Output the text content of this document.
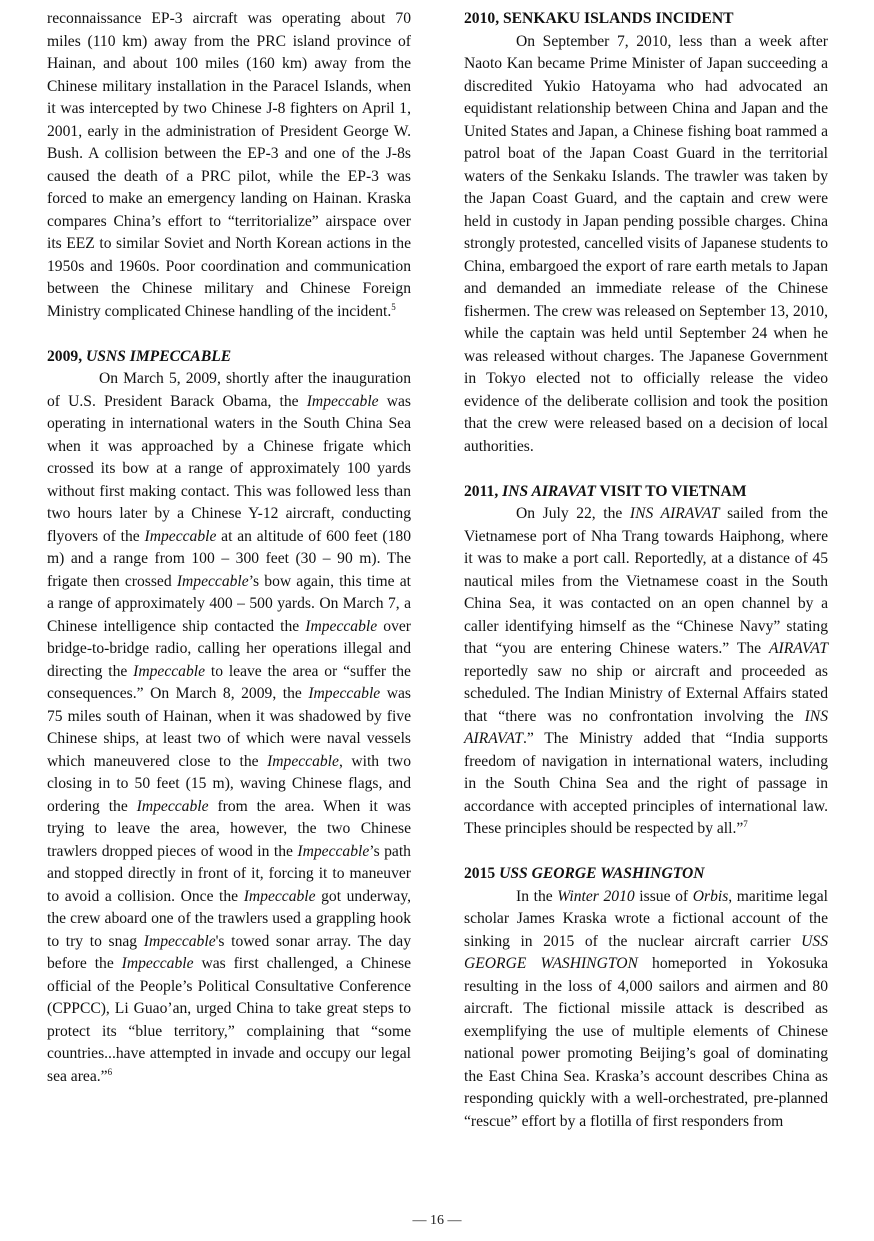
reconnaissance EP-3 aircraft was operating about 70 miles (110 km) away from the PRC island province of Hainan, and about 100 miles (160 km) away from the Chinese military installation in the Paracel Islands, when it was intercepted by two Chinese J-8 fighters on April 1, 2001, early in the administration of President George W. Bush. A collision between the EP-3 and one of the J-8s caused the death of a PRC pilot, while the EP-3 was forced to make an emergency landing on Hainan. Kraska compares China’s effort to “territorialize” airspace over its EEZ to similar Soviet and North Korean actions in the 1950s and 1960s. Poor coordination and communication between the Chinese military and Chinese Foreign Ministry complicated Chinese handling of the incident.$^5$

2009, USNS IMPECCABLE

On March 5, 2009, shortly after the inauguration of U.S. President Barack Obama, the Impeccable was operating in international waters in the South China Sea when it was approached by a Chinese frigate which crossed its bow at a range of approximately 100 yards without first making contact. This was followed less than two hours later by a Chinese Y-12 aircraft, conducting flyovers of the Impeccable at an altitude of 600 feet (180 m) and a range from 100 – 300 feet (30 – 90 m). The frigate then crossed Impeccable’s bow again, this time at a range of approximately 400 – 500 yards. On March 7, a Chinese intelligence ship contacted the Impeccable over bridge-to-bridge radio, calling her operations illegal and directing the Impeccable to leave the area or “suffer the consequences.” On March 8, 2009, the Impeccable was 75 miles south of Hainan, when it was shadowed by five Chinese ships, at least two of which were naval vessels which maneuvered close to the Impeccable, with two closing in to 50 feet (15 m), waving Chinese flags, and ordering the Impeccable from the area. When it was trying to leave the area, however, the two Chinese trawlers dropped pieces of wood in the Impeccable’s path and stopped directly in front of it, forcing it to maneuver to avoid a collision. Once the Impeccable got underway, the crew aboard one of the trawlers used a grappling hook to try to snag Impeccable's towed sonar array. The day before the Impeccable was first challenged, a Chinese official of the People’s Political Consultative Conference (CPPCC), Li Guao’an, urged China to take great steps to protect its “blue territory,” complaining that “some countries...have attempted in invade and occupy our legal sea area.”$^6$

2010, SENKAKU ISLANDS INCIDENT

On September 7, 2010, less than a week after Naoto Kan became Prime Minister of Japan succeeding a discredited Yukio Hatoyama who had advocated an equidistant relationship between China and Japan and the United States and Japan, a Chinese fishing boat rammed a patrol boat of the Japan Coast Guard in the territorial waters of the Senkaku Islands. The trawler was taken by the Japan Coast Guard, and the captain and crew were held in custody in Japan pending possible charges. China strongly protested, cancelled visits of Japanese students to China, embargoed the export of rare earth metals to Japan and demanded an immediate release of the Chinese fishermen. The crew was released on September 13, 2010, while the captain was held until September 24 when he was released without charges. The Japanese Government in Tokyo elected not to officially release the video evidence of the deliberate collision and took the position that the crew were released based on a decision of local authorities.

2011, INS AIRAVAT VISIT TO VIETNAM

On July 22, the INS AIRAVAT sailed from the Vietnamese port of Nha Trang towards Haiphong, where it was to make a port call. Reportedly, at a distance of 45 nautical miles from the Vietnamese coast in the South China Sea, it was contacted on an open channel by a caller identifying himself as the “Chinese Navy” stating that “you are entering Chinese waters.” The AIRAVAT reportedly saw no ship or aircraft and proceeded as scheduled. The Indian Ministry of External Affairs stated that “there was no confrontation involving the INS AIRAVAT.” The Ministry added that “India supports freedom of navigation in international waters, including in the South China Sea and the right of passage in accordance with accepted principles of international law. These principles should be respected by all.”$^7$

2015 USS GEORGE WASHINGTON

In the Winter 2010 issue of Orbis, maritime legal scholar James Kraska wrote a fictional account of the sinking in 2015 of the nuclear aircraft carrier USS GEORGE WASHINGTON homeported in Yokosuka resulting in the loss of 4,000 sailors and airmen and 80 aircraft. The fictional missile attack is described as exemplifying the use of multiple elements of Chinese national power promoting Beijing’s goal of dominating the East China Sea. Kraska’s account describes China as responding quickly with a well-orchestrated, pre-planned “rescue” effort by a flotilla of first responders from

— 16 —
